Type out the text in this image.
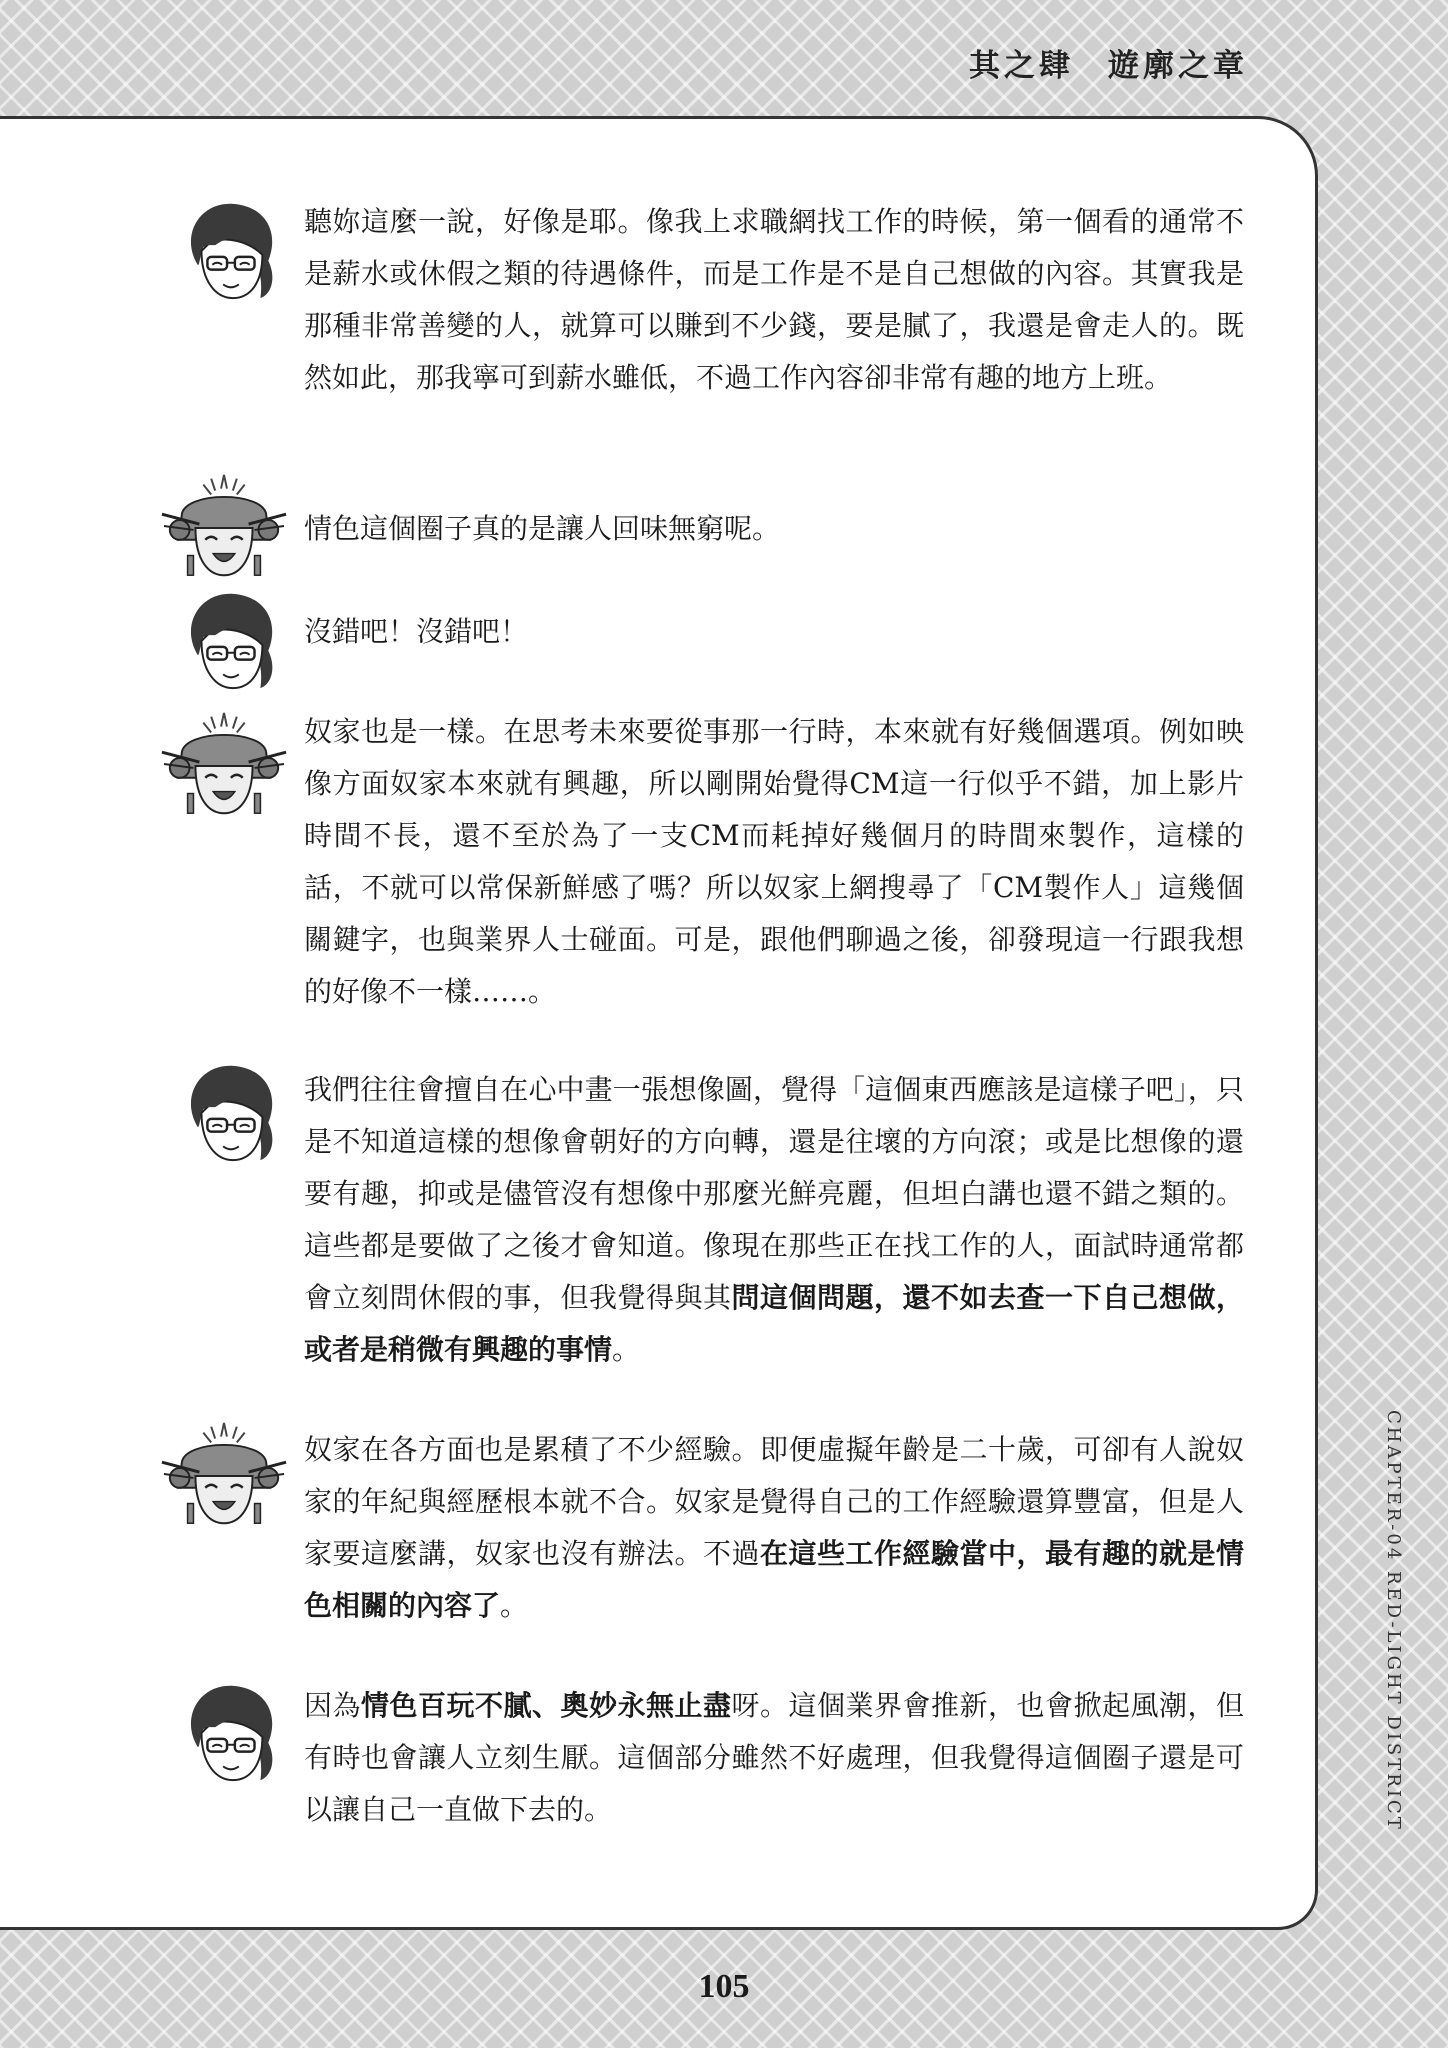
其之肆 遊廓之章

聽妳這麼一說，好像是耶。像我上求職網找工作的時候，第一個看的通常不是薪水或休假之類的待遇條件，而是工作是不是自己想做的內容。其實我是那種非常善變的人，就算可以賺到不少錢，要是膩了，我還是會走人的。既然如此，那我寧可到薪水雖低，不過工作內容卻非常有趣的地方上班。

情色這個圈子真的是讓人回味無窮呢。

沒錯吧！沒錯吧！

奴家也是一樣。在思考未來要從事那一行時，本來就有好幾個選項。例如映像方面奴家本來就有興趣，所以剛開始覺得CM這一行似乎不錯，加上影片時間不長，還不至於為了一支CM而耗掉好幾個月的時間來製作，這樣的話，不就可以常保新鮮感了嗎？所以奴家上網搜尋了「CM製作人」這幾個關鍵字，也與業界人士碰面。可是，跟他們聊過之後，卻發現這一行跟我想的好像不一樣……。

我們往往會擅自在心中畫一張想像圖，覺得「這個東西應該是這樣子吧」，只是不知道這樣的想像會朝好的方向轉，還是往壞的方向滾；或是比想像的還要有趣，抑或是儘管沒有想像中那麼光鮮亮麗，但坦白講也還不錯之類的。這些都是要做了之後才會知道。像現在那些正在找工作的人，面試時通常都會立刻問休假的事，但我覺得與其問這個問題，還不如去查一下自己想做，或者是稍微有興趣的事情。

奴家在各方面也是累積了不少經驗。即便虛擬年齡是二十歲，可卻有人說奴家的年紀與經歷根本就不合。奴家是覺得自己的工作經驗還算豐富，但是人家要這麼講，奴家也沒有辦法。不過在這些工作經驗當中，最有趣的就是情色相關的內容了。

因為情色百玩不膩、奧妙永無止盡呀。這個業界會推新，也會掀起風潮，但有時也會讓人立刻生厭。這個部分雖然不好處理，但我覺得這個圈子還是可以讓自己一直做下去的。	CHAPTER-04 RED-LIGHT DISTRICT
105
